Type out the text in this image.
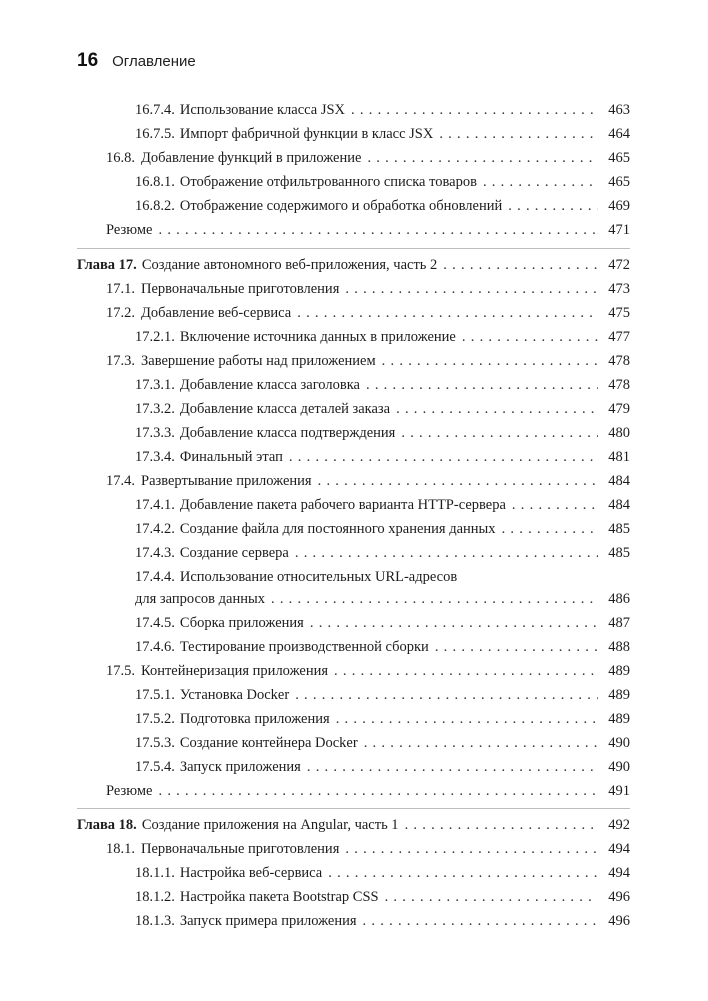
16 Оглавление
16.7.4. Использование класса JSX . . .	463
16.7.5. Импорт фабричной функции в класс JSX . . .	464
16.8. Добавление функций в приложение . . .	465
16.8.1. Отображение отфильтрованного списка товаров . . .	465
16.8.2. Отображение содержимого и обработка обновлений . . .	469
Резюме . . .	471
Глава 17. Создание автономного веб-приложения, часть 2 . . .	472
17.1. Первоначальные приготовления . . .	473
17.2. Добавление веб-сервиса . . .	475
17.2.1. Включение источника данных в приложение . . .	477
17.3. Завершение работы над приложением . . .	478
17.3.1. Добавление класса заголовка . . .	478
17.3.2. Добавление класса деталей заказа . . .	479
17.3.3. Добавление класса подтверждения . . .	480
17.3.4. Финальный этап . . .	481
17.4. Развертывание приложения . . .	484
17.4.1. Добавление пакета рабочего варианта HTTP-сервера . . .	484
17.4.2. Создание файла для постоянного хранения данных . . .	485
17.4.3. Создание сервера . . .	485
17.4.4. Использование относительных URL-адресов
для запросов данных . . .	486
17.4.5. Сборка приложения . . .	487
17.4.6. Тестирование производственной сборки . . .	488
17.5. Контейнеризация приложения . . .	489
17.5.1. Установка Docker . . .	489
17.5.2. Подготовка приложения . . .	489
17.5.3. Создание контейнера Docker . . .	490
17.5.4. Запуск приложения . . .	490
Резюме . . .	491
Глава 18. Создание приложения на Angular, часть 1 . . .	492
18.1. Первоначальные приготовления . . .	494
18.1.1. Настройка веб-сервиса . . .	494
18.1.2. Настройка пакета Bootstrap CSS . . .	496
18.1.3. Запуск примера приложения . . .	496
